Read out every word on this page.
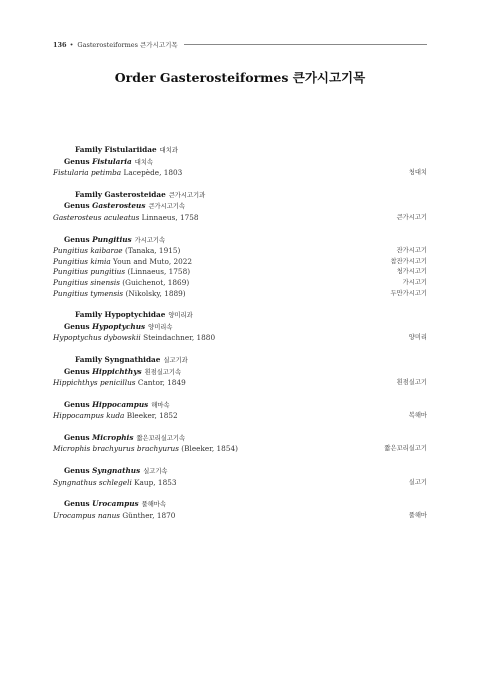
136 • Gasterosteiformes 큰가시고기목
Order Gasterosteiformes 큰가시고기목
Family Fistulariidae 대치과
Genus Fistularia 대치속
Fistularia petimba Lacepède, 1803	청대치
Family Gasterosteidae 큰가시고기과
Genus Gasterosteus 큰가시고기속
Gasterosteus aculeatus Linnaeus, 1758	큰가시고기
Genus Pungitius 가시고기속
Pungitius kaibarae (Tanaka, 1915)	잔가시고기
Pungitius kimia Youn and Muto, 2022	참잔가시고기
Pungitius pungitius (Linnaeus, 1758)	청가시고기
Pungitius sinensis (Guichenot, 1869)	가시고기
Pungitius tymensis (Nikolsky, 1889)	두만가시고기
Family Hypoptychidae 양미리과
Genus Hypoptychus 양미리속
Hypoptychus dybowskii Steindachner, 1880	양미리
Family Syngnathidae 실고기과
Genus Hippichthys 흰점실고기속
Hippichthys penicillus Cantor, 1849	흰점실고기
Genus Hippocampus 해마속
Hippocampus kuda Bleeker, 1852	복해마
Genus Microphis 짧은꼬리실고기속
Microphis brachyurus brachyurus (Bleeker, 1854)	짧은꼬리실고기
Genus Syngnathus 실고기속
Syngnathus schlegeli Kaup, 1853	실고기
Genus Urocampus 풀해마속
Urocampus nanus Günther, 1870	풀해마
